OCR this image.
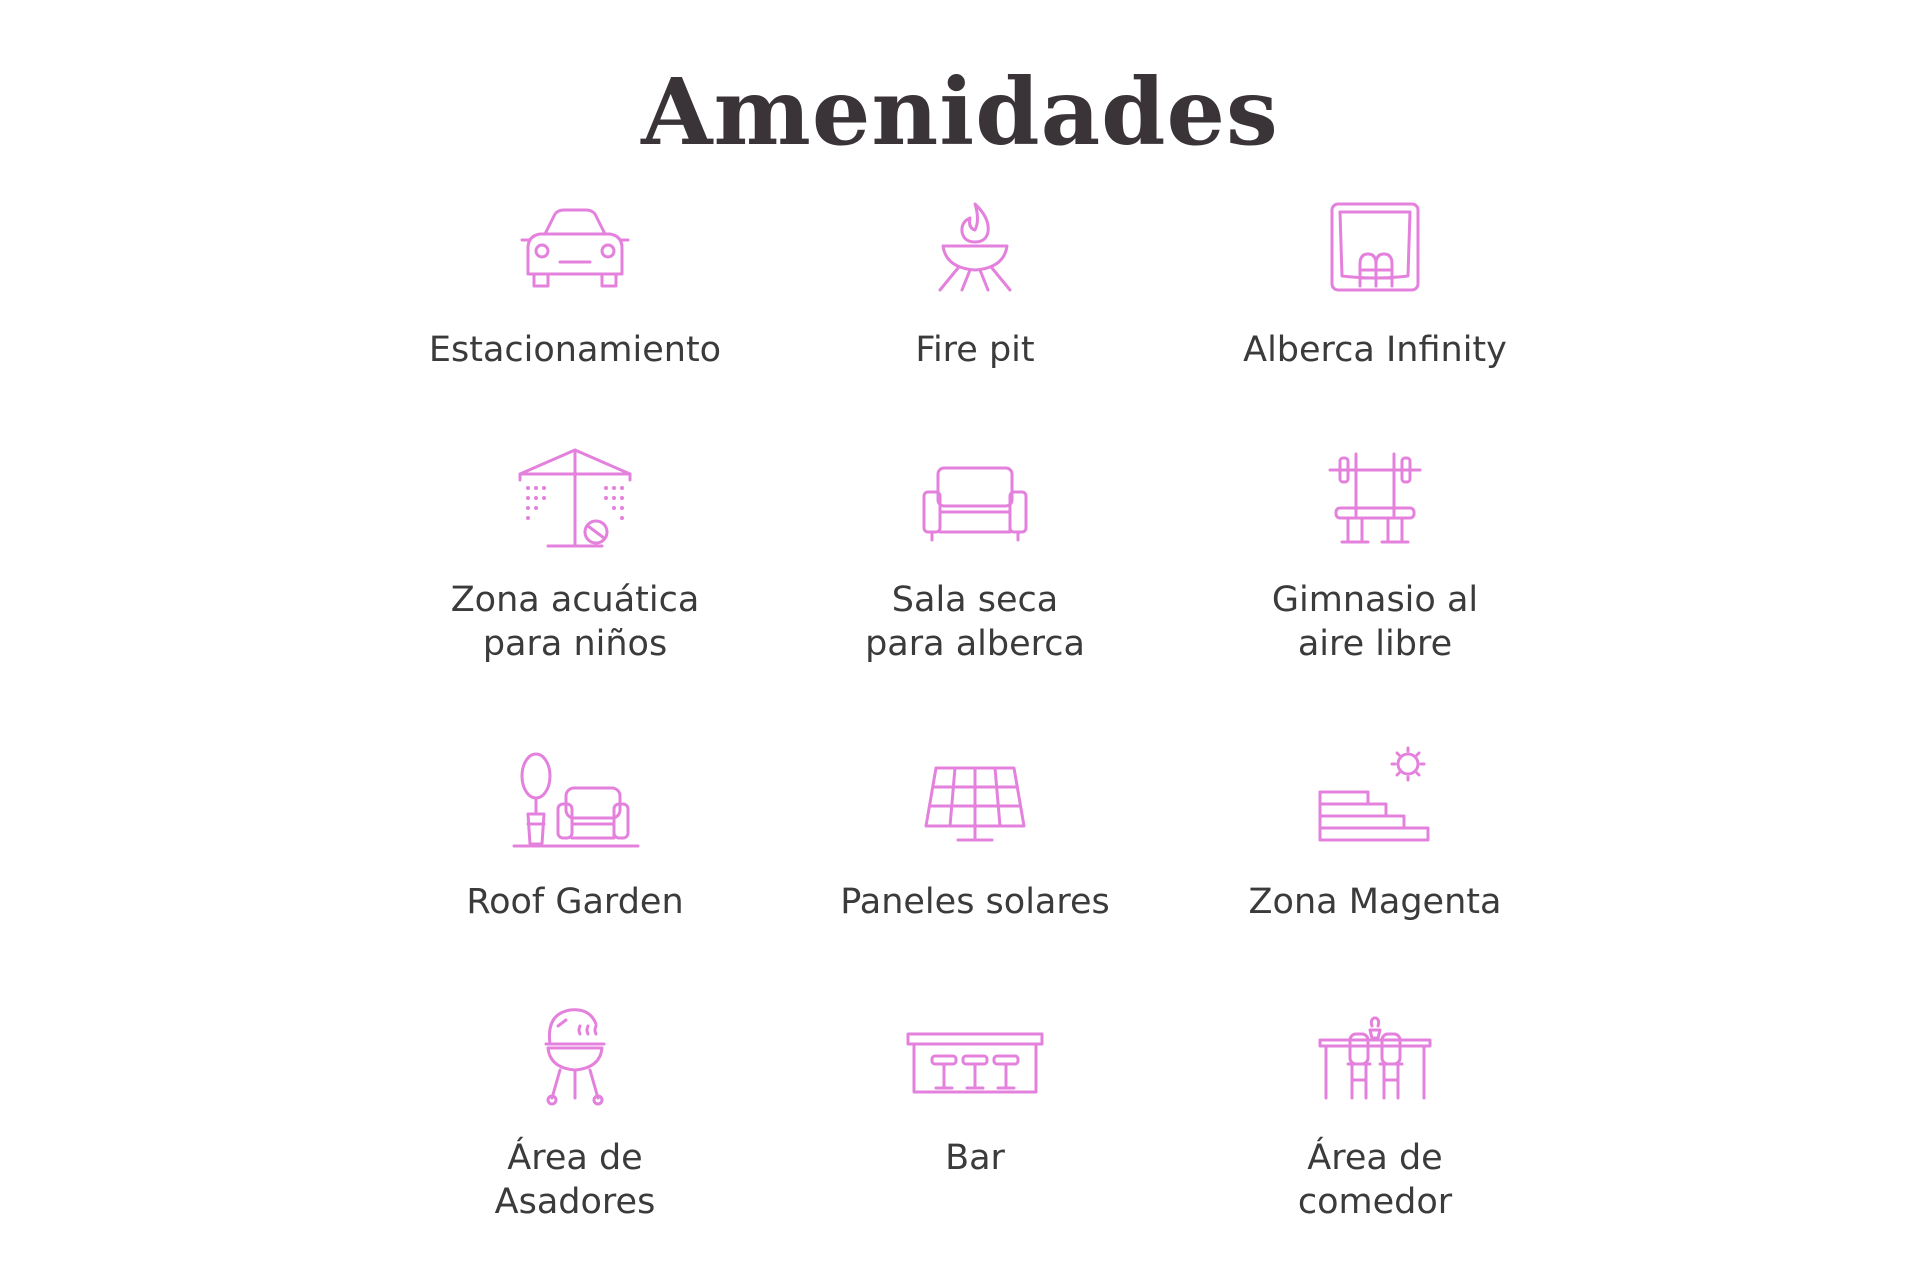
Amenidades
Estacionamiento	Fire pit	Alberca Infinity
Zona acuática
para niños
Sala seca
para alberca
Gimnasio al
aire libre
Roof Garden	Paneles solares	Zona Magenta
Área de
Asadores
Bar	Área de
comedor
